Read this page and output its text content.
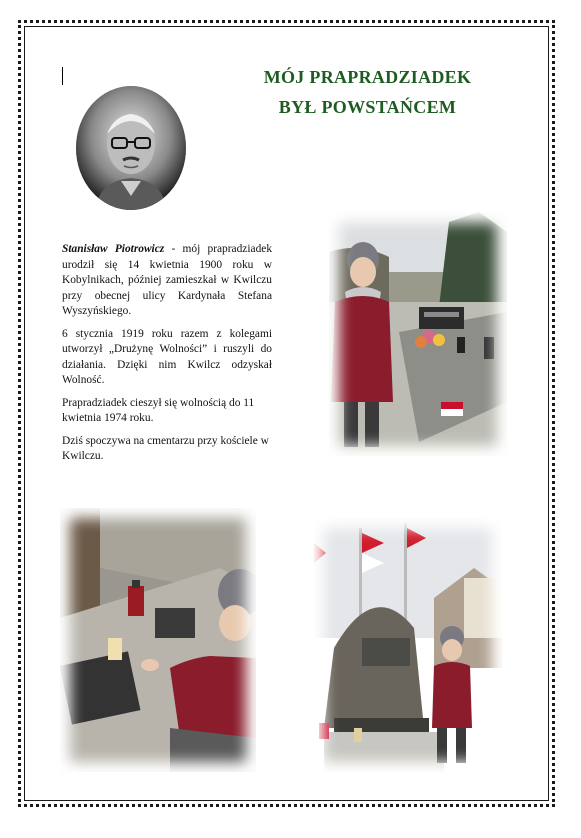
MÓJ PRAPRADZIADEK
BYŁ POWSTAŃCEM

Stanisław Piotrowicz - mój prapradziadek urodził się 14 kwietnia 1900 roku w Kobylnikach, później zamieszkał w Kwilczu przy obecnej ulicy Kardynała Stefana Wyszyńskiego.

6 stycznia 1919 roku razem z kolegami utworzył „Drużynę Wolności” i ruszyli do działania. Dzięki nim Kwilcz odzyskał Wolność.

Prapradziadek cieszył się wolnością do 11 kwietnia 1974 roku.

Dziś spoczywa na cmentarzu przy kościele w Kwilczu.
